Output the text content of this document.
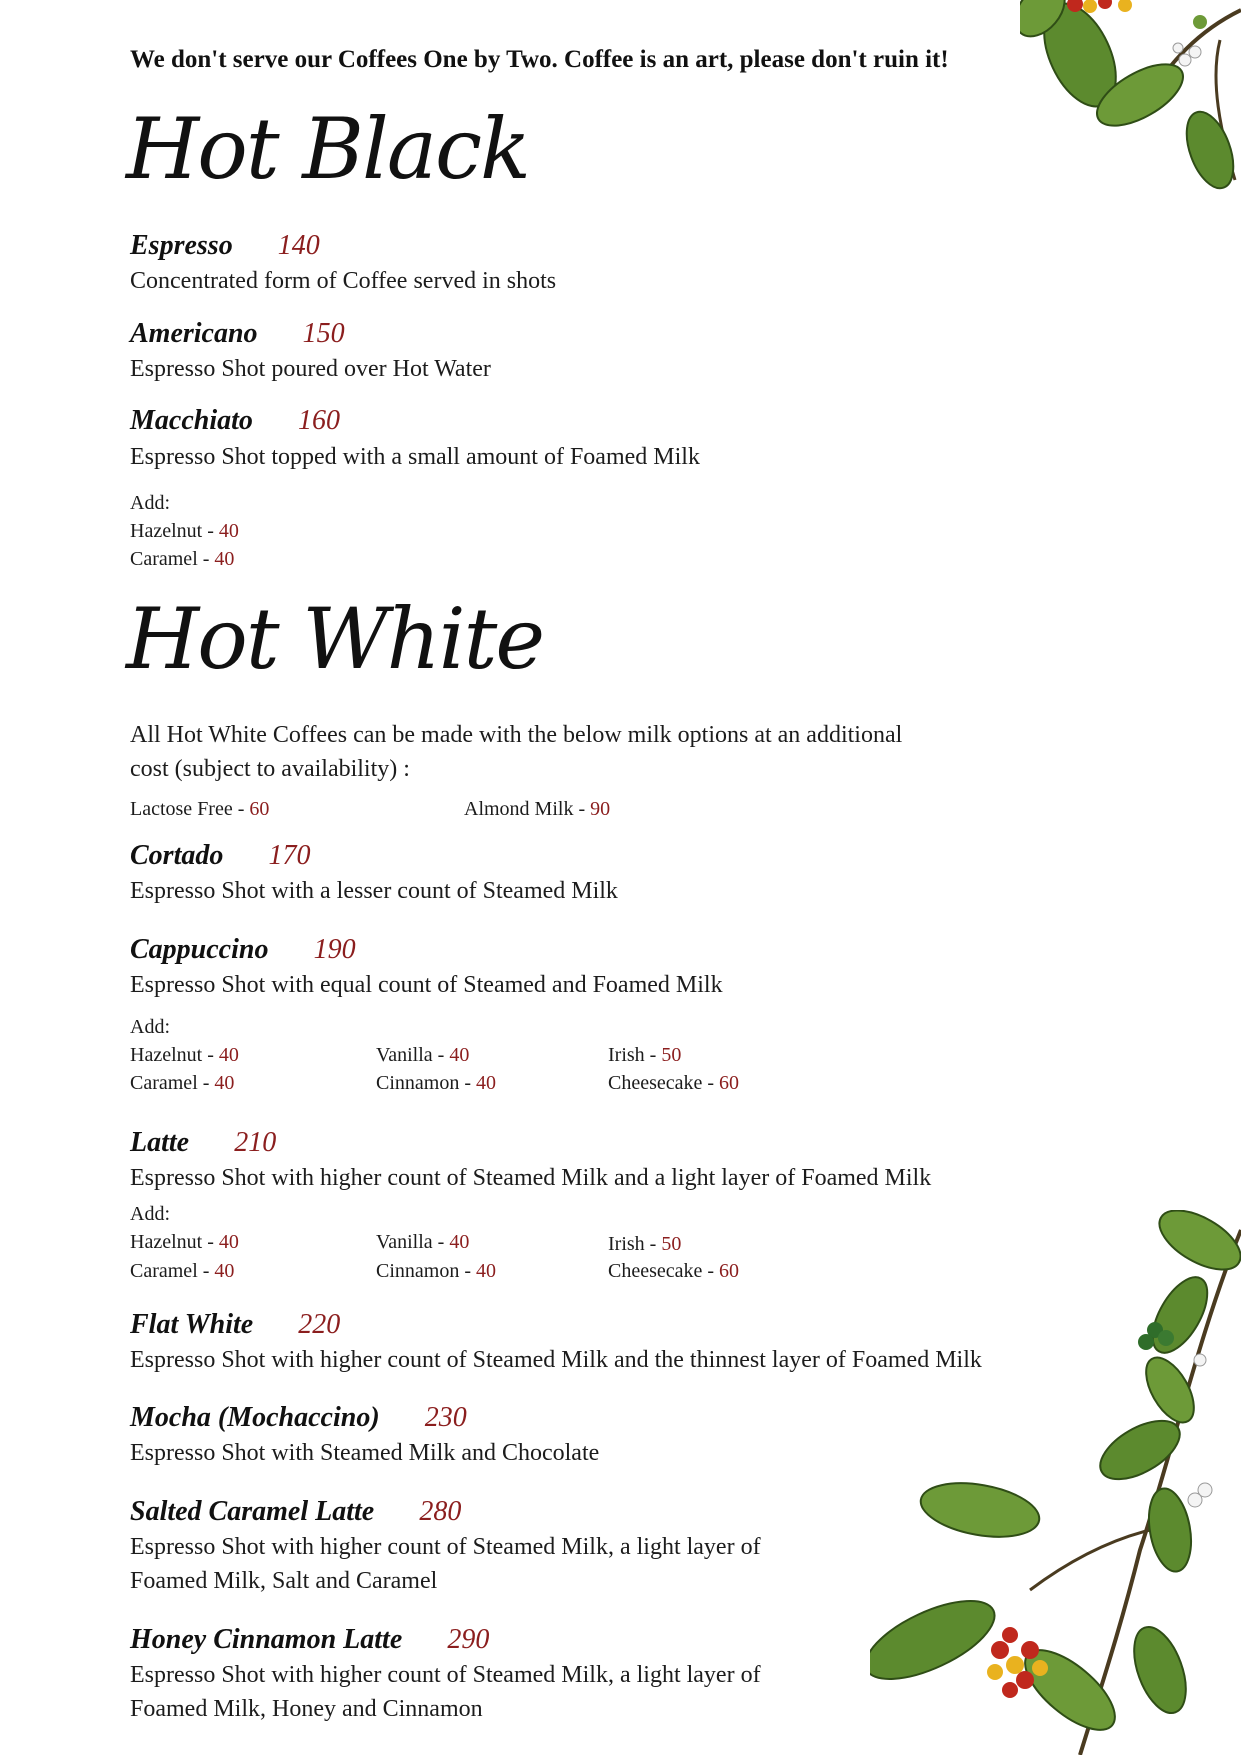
We don't serve our Coffees One by Two. Coffee is an art, please don't ruin it!
Hot Black
Espresso 140
Concentrated form of Coffee served in shots
Americano 150
Espresso Shot poured over Hot Water
Macchiato 160
Espresso Shot topped with a small amount of Foamed Milk
Add:
Hazelnut - 40
Caramel - 40
Hot White
All Hot White Coffees can be made with the below milk options at an additional
cost (subject to availability) :
Lactose Free - 60	Almond Milk - 90
Cortado 170
Espresso Shot with a lesser count of Steamed Milk
Cappuccino 190
Espresso Shot with equal count of Steamed and Foamed Milk
Add:
Hazelnut - 40	Vanilla - 40	Irish - 50
Caramel - 40	Cinnamon - 40	Cheesecake - 60
Latte 210
Espresso Shot with higher count of Steamed Milk and a light layer of Foamed Milk
Add:
Hazelnut - 40	Vanilla - 40	Irish - 50
Caramel - 40	Cinnamon - 40	Cheesecake - 60
Flat White 220
Espresso Shot with higher count of Steamed Milk and the thinnest layer of Foamed Milk
Mocha (Mochaccino) 230
Espresso Shot with Steamed Milk and Chocolate
Salted Caramel Latte 280
Espresso Shot with higher count of Steamed Milk, a light layer of
Foamed Milk, Salt and Caramel
Honey Cinnamon Latte 290
Espresso Shot with higher count of Steamed Milk, a light layer of
Foamed Milk, Honey and Cinnamon
